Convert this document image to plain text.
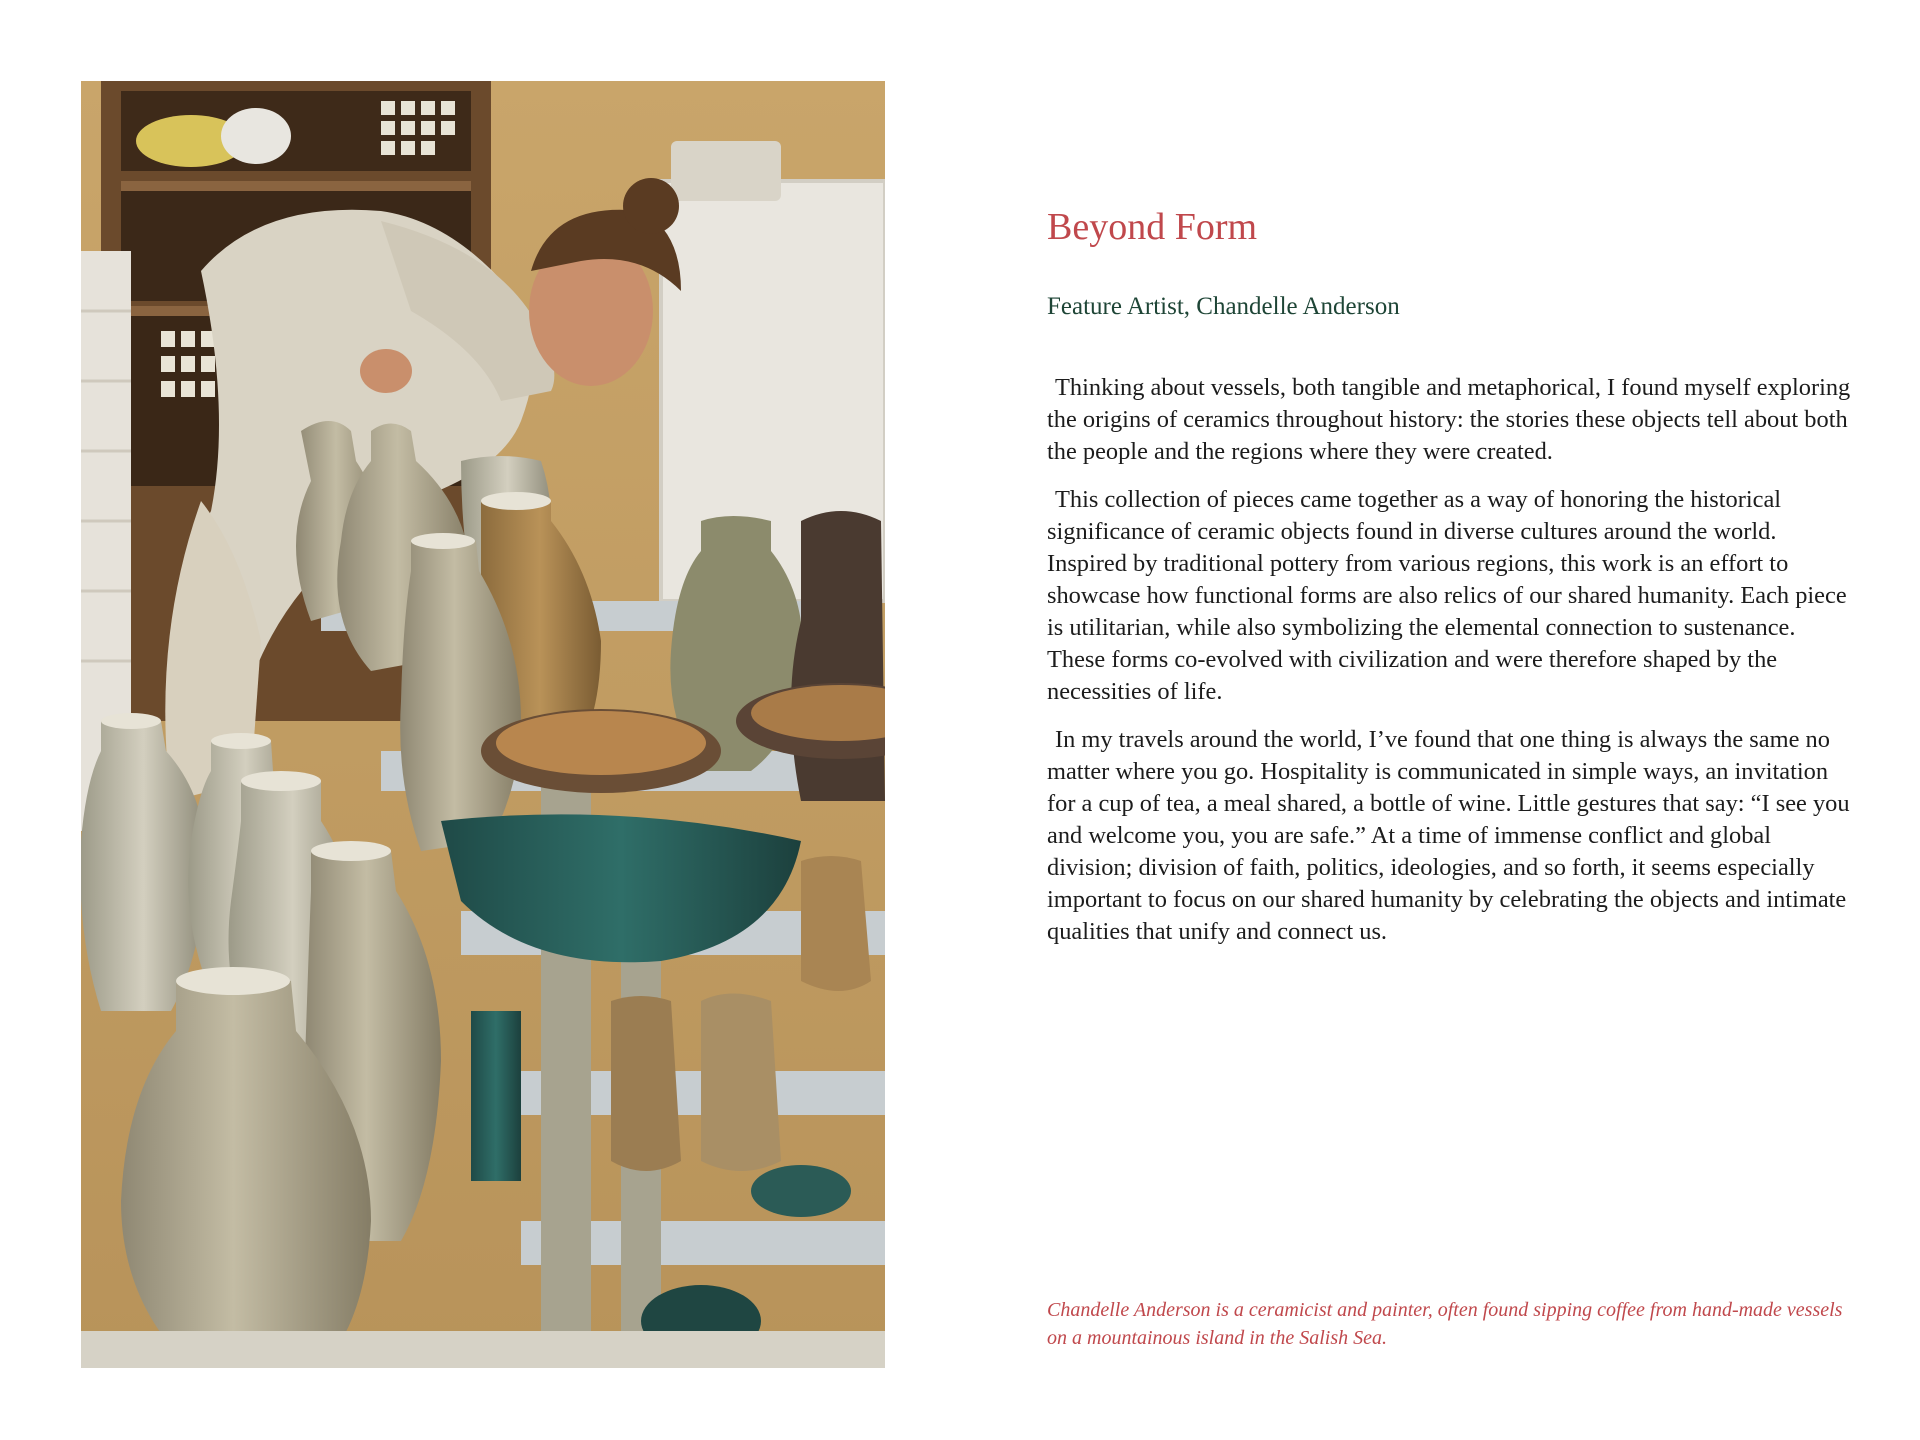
Beyond Form
Feature Artist, Chandelle Anderson

Thinking about vessels, both tangible and metaphorical, I found myself exploring the origins of ceramics throughout history: the stories these objects tell about both the people and the regions where they were created.

This collection of pieces came together as a way of honoring the historical significance of ceramic objects found in diverse cultures around the world. Inspired by traditional pottery from various regions, this work is an effort to showcase how functional forms are also relics of our shared humanity. Each piece is utilitarian, while also symbolizing the elemental connection to sustenance. These forms co-evolved with civilization and were therefore shaped by the necessities of life.

In my travels around the world, I’ve found that one thing is always the same no matter where you go. Hospitality is communicated in simple ways, an invitation for a cup of tea, a meal shared, a bottle of wine. Little gestures that say: “I see you and welcome you, you are safe.” At a time of immense conflict and global division; division of faith, politics, ideologies, and so forth, it seems especially important to focus on our shared humanity by celebrating the objects and intimate qualities that unify and connect us.

Chandelle Anderson is a ceramicist and painter, often found sipping coffee from hand-made vessels on a mountainous island in the Salish Sea.
